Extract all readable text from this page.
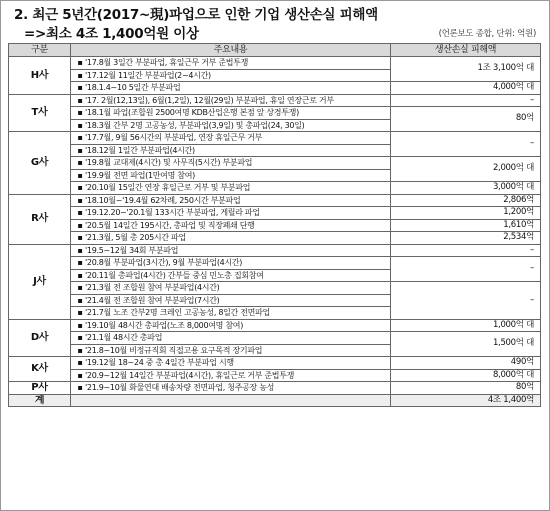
2. 최근 5년간(2017~現)파업으로 인한 기업 생산손실 피해액
=>최소 4조 1,400억원 이상	(언론보도 종합, 단위: 억원)
구분	주요내용	생산손실 피해액
H사	▪ '17.8월 3일간 부분파업, 휴일근무 거부 준법투쟁	1조 3,100억 대
	▪ '17.12월 11일간 부분파업(2~4시간)	
	▪ '18.1.4~10 5일간 부분파업	4,000억 대
T사	▪ '17. 2월(12,13일), 6월(1,2일), 12월(29일) 부분파업, 휴일 연장근로 거부	–
	▪ '18.1월 파업(조합원 2500여명 KDB산업은행 본점 앞 상경투쟁)	80억
	▪ '18.3월 간부 2명 고공농성, 부분파업(3,9일) 및 총파업(24, 30일)	
G사	▪ '17.7월, 9월 56시간의 부분파업, 연장 휴일근무 거부	–
	▪ '18.12월 1일간 부분파업(4시간)	
	▪ '19.8월 교대제(4시간) 및 사무직(5시간) 부분파업	2,000억 대
	▪ '19.9월 전면 파업(1만여명 참여)	
	▪ '20.10월 15일간 연장 휴일근로 거부 및 부분파업	3,000억 대
R사	▪ '18.10월~'19.4월 62차례, 250시간 부분파업	2,806억
	▪ '19.12.20~'20.1월 133시간 부분파업, 게릴라 파업	1,200억
	▪ '20.5월 14일간 195시간, 총파업 및 직장폐쇄 단행	1,610억
	▪ '21.3월, 5월 총 205시간 파업	2,534억
J사	▪ '19.5~12월 34회 부분파업	–
	▪ '20.8월 부분파업(3시간), 9월 부분파업(4시간)	–
	▪ '20.11월 총파업(4시간) 간부들 중심 민노총 집회참여	
	▪ '21.3월 전 조합원 참여 부분파업(4시간)	–
	▪ '21.4월 전 조합원 참여 부분파업(7시간)	
	▪ '21.7월 노조 간부2명 크레인 고공농성, 8일간 전면파업	
D사	▪ '19.10월 48시간 총파업(노조 8,000여명 참여)	1,000억 대
	▪ '21.1월 48시간 총파업	1,500억 대
	▪ '21.8~10월 비정규직회 직접고용 요구목적 장기파업	
K사	▪ '19.12월 18~24 중 총 4일간 부분파업 시행	490억
	▪ '20.9~12월 14일간 부분파업(4시간), 휴일근로 거부 준법투쟁	8,000억 대
P사	▪ '21.9~10월 화물연대 배송차량 전면파업, 청주공장 농성	80억
계		4조 1,400억
